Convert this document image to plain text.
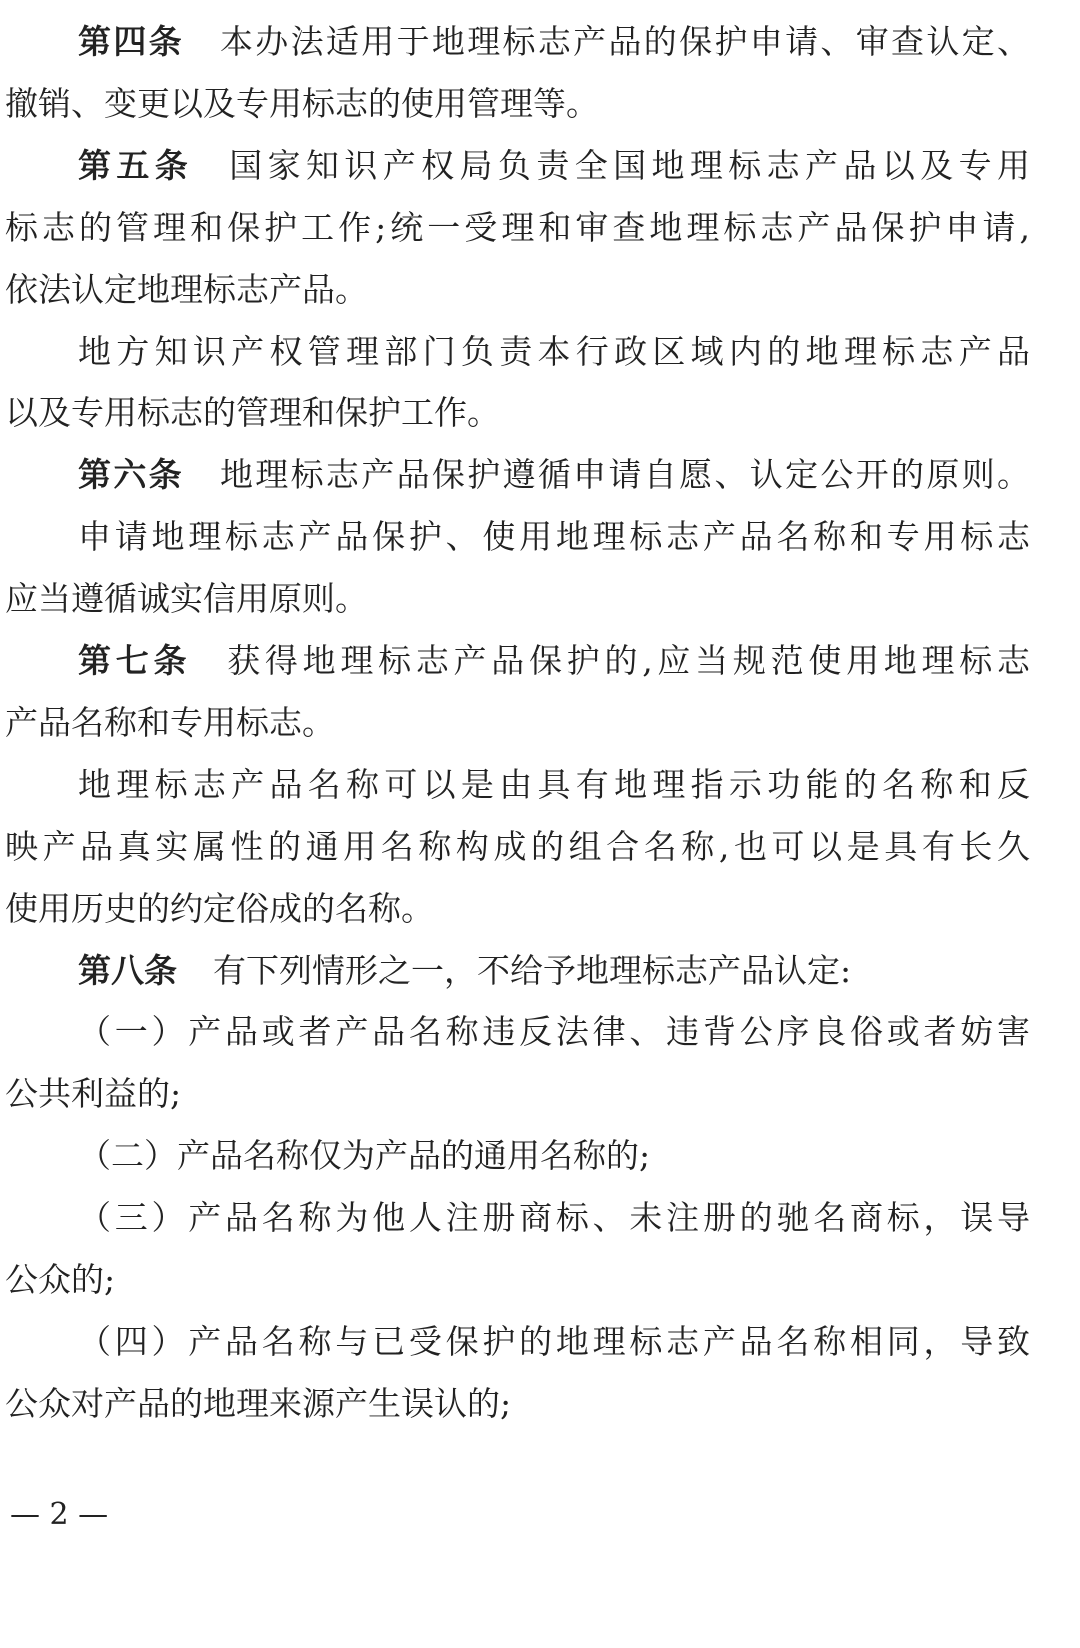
第四条 本办法适用于地理标志产品的保护申请、审查认定、
撤销、变更以及专用标志的使用管理等。
第五条 国家知识产权局负责全国地理标志产品以及专用
标志的管理和保护工作;统一受理和审查地理标志产品保护申请,
依法认定地理标志产品。
地方知识产权管理部门负责本行政区域内的地理标志产品
以及专用标志的管理和保护工作。
第六条 地理标志产品保护遵循申请自愿、认定公开的原则。
申请地理标志产品保护、使用地理标志产品名称和专用标志
应当遵循诚实信用原则。
第七条 获得地理标志产品保护的,应当规范使用地理标志
产品名称和专用标志。
地理标志产品名称可以是由具有地理指示功能的名称和反
映产品真实属性的通用名称构成的组合名称,也可以是具有长久
使用历史的约定俗成的名称。
第八条 有下列情形之一，不给予地理标志产品认定:
（一）产品或者产品名称违反法律、违背公序良俗或者妨害
公共利益的;
（二）产品名称仅为产品的通用名称的;
（三）产品名称为他人注册商标、未注册的驰名商标，误导
公众的;
（四）产品名称与已受保护的地理标志产品名称相同，导致
公众对产品的地理来源产生误认的;
— 2 —
